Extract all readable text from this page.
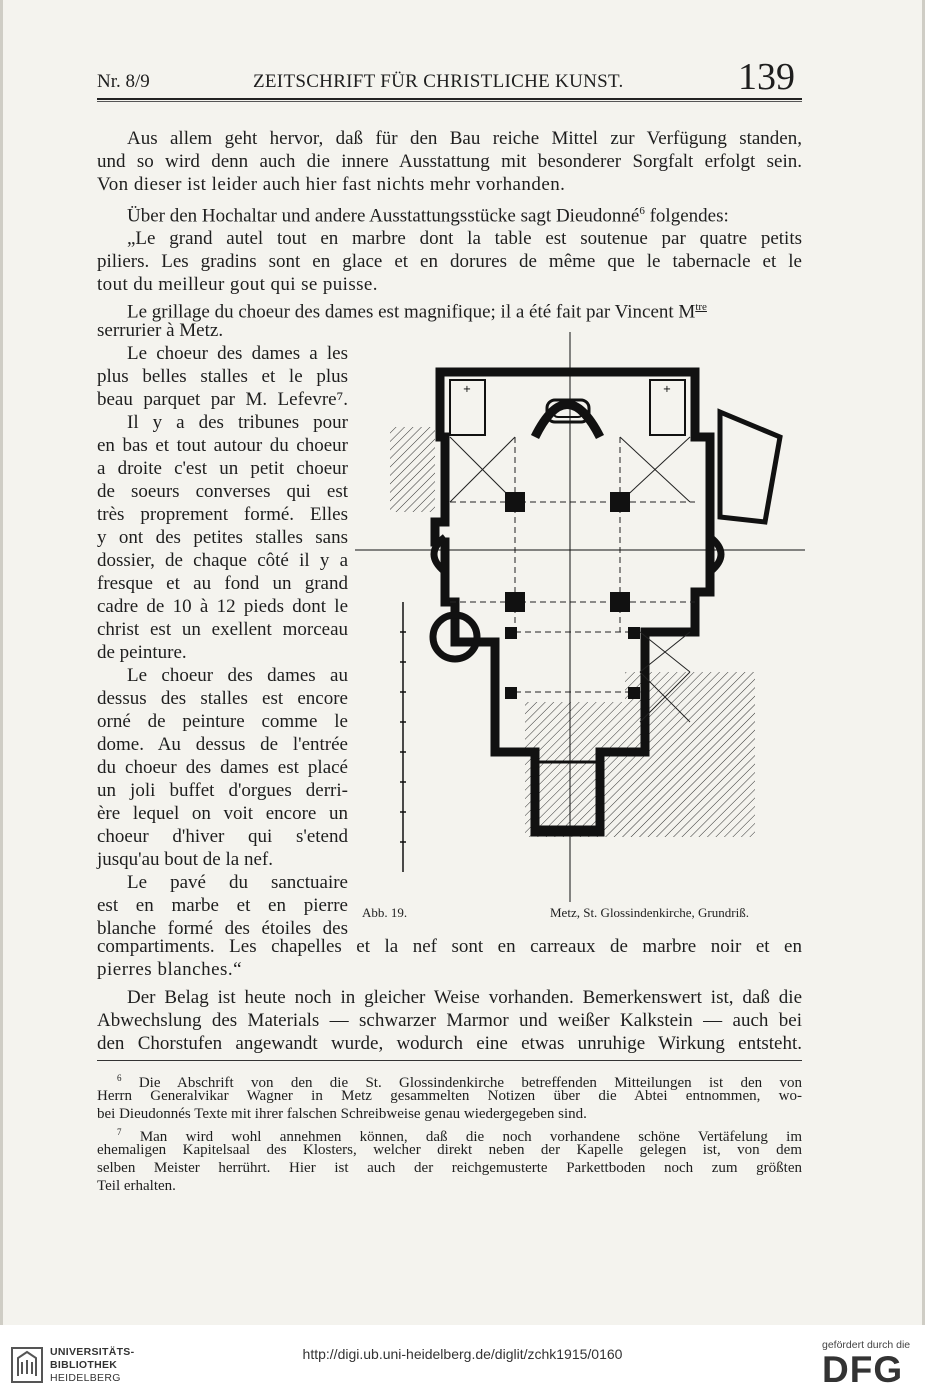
Nr. 8/9	ZEITSCHRIFT FÜR CHRISTLICHE KUNST.	139
Aus allem geht hervor, daß für den Bau reiche Mittel zur Verfügung standen,
und so wird denn auch die innere Ausstattung mit besonderer Sorgfalt erfolgt sein.
Von dieser ist leider auch hier fast nichts mehr vorhanden.
Über den Hochaltar und andere Ausstattungsstücke sagt Dieudonné$^6$ folgendes:
„Le grand autel tout en marbre dont la table est soutenue par quatre petits
piliers. Les gradins sont en glace et en dorures de même que le tabernacle et le
tout du meilleur gout qui se puisse.
Le grillage du choeur des dames est magnifique; il a été fait par Vincent $M^{tre}$
serrurier à Metz.
Le choeur des dames a les
plus belles stalles et le plus
beau parquet par M. Lefevre⁷.
Il y a des tribunes pour
en bas et tout autour du choeur
a droite c'est un petit choeur
de soeurs converses qui est
très proprement formé. Elles
y ont des petites stalles sans
dossier, de chaque côté il y a
fresque et au fond un grand
cadre de 10 à 12 pieds dont le
christ est un exellent morceau
de peinture.
Le choeur des dames au
dessus des stalles est encore
orné de peinture comme le
dome. Au dessus de l'entrée
du choeur des dames est placé
un joli buffet d'orgues derri-
ère lequel on voit encore un
choeur d'hiver qui s'etend
jusqu'au bout de la nef.
Le pavé du sanctuaire
est en marbe et en pierre
blanche formé des étoiles des
+	+
Abb. 19.	Metz, St. Glossindenkirche, Grundriß.
compartiments. Les chapelles et la nef sont en carreaux de marbre noir et en
pierres blanches.“
Der Belag ist heute noch in gleicher Weise vorhanden. Bemerkenswert ist, daß die
Abwechslung des Materials — schwarzer Marmor und weißer Kalkstein — auch bei
den Chorstufen angewandt wurde, wodurch eine etwas unruhige Wirkung entsteht.
$^6$ Die Abschrift von den die St. Glossindenkirche betreffenden Mitteilungen ist den von
Herrn Generalvikar Wagner in Metz gesammelten Notizen über die Abtei entnommen, wo-
bei Dieudonnés Texte mit ihrer falschen Schreibweise genau wiedergegeben sind.
$^7$ Man wird wohl annehmen können, daß die noch vorhandene schöne Vertäfelung im
ehemaligen Kapitelsaal des Klosters, welcher direkt neben der Kapelle gelegen ist, von dem
selben Meister herrührt. Hier ist auch der reichgemusterte Parkettboden noch zum größten
Teil erhalten.
UNIVERSITÄTS-
BIBLIOTHEK
HEIDELBERG
http://digi.ub.uni-heidelberg.de/diglit/zchk1915/0160
gefördert durch die
DFG
